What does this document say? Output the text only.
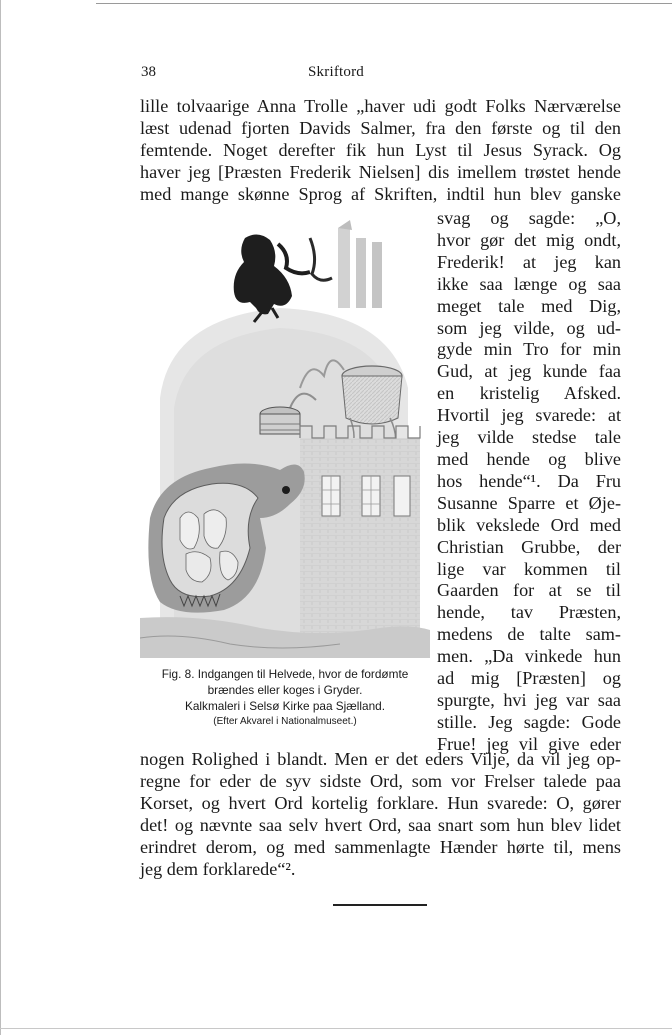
38	Skriftord
lille tolvaarige Anna Trolle „haver udi godt Folks Nærværelse
læst udenad fjorten Davids Salmer, fra den første og til den
femtende. Noget derefter fik hun Lyst til Jesus Syrack. Og
haver jeg [Præsten Frederik Nielsen] dis imellem trøstet hende
med mange skønne Sprog af Skriften, indtil hun blev ganske
Fig. 8. Indgangen til Helvede, hvor de fordømte
brændes eller koges i Gryder.
Kalkmaleri i Selsø Kirke paa Sjælland.
(Efter Akvarel i Nationalmuseet.)
svag og sagde: „O,
hvor gør det mig ondt,
Frederik! at jeg kan
ikke saa længe og saa
meget tale med Dig,
som jeg vilde, og ud-
gyde min Tro for min
Gud, at jeg kunde faa
en kristelig Afsked.
Hvortil jeg svarede: at
jeg vilde stedse tale
med hende og blive
hos hende“¹. Da Fru
Susanne Sparre et Øje-
blik vekslede Ord med
Christian Grubbe, der
lige var kommen til
Gaarden for at se til
hende, tav Præsten,
medens de talte sam-
men. „Da vinkede hun
ad mig [Præsten] og
spurgte, hvi jeg var saa
stille. Jeg sagde: Gode
Frue! jeg vil give eder
nogen Rolighed i blandt. Men er det eders Vilje, da vil jeg op-
regne for eder de syv sidste Ord, som vor Frelser talede paa
Korset, og hvert Ord kortelig forklare. Hun svarede: O, gører
det! og nævnte saa selv hvert Ord, saa snart som hun blev lidet
erindret derom, og med sammenlagte Hænder hørte til, mens
jeg dem forklarede“².
